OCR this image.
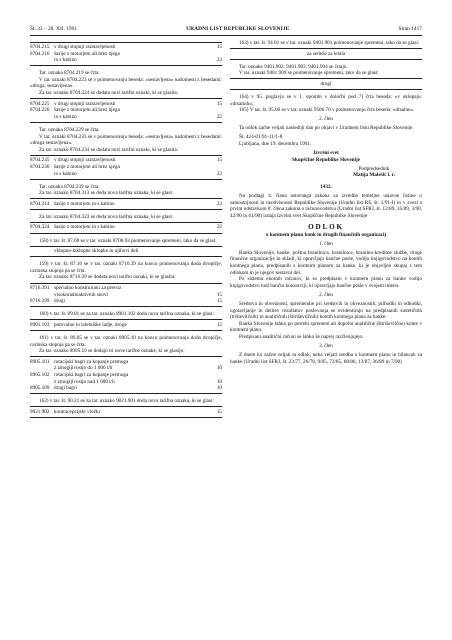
Št. 33 – 28. XII. 1991	URADNI LIST REPUBLIKE SLOVENIJE	Stran 1417
8704.215 v drugi stopnji razstavljenosti	15
8704.216 šasije z motorjem ali brez njega
in s kabino	22

Tar. oznaka 8704.219 se črta.

V tar. oznaki 8704.223 se v poimenovanju beseda: »sestavljena« nadomesti z besedami: »druga, sestavljena«.

Za tar. oznako 8704.224 se dodata novi tarifni oznaki, ki se glasita:

8704.225 v drugi stopnji razstavljenosti	15
8704.226 šasije z motorjem ali brez njega
in s kabino	22

Tar. oznaka 8704.229 se črta.

V tar. oznaki 8704.233 se v poimenovanju beseda: »sestavljena« nadomesti z besedami: »druga sestavljena«.

Za tar. oznako 8704.234 se dodata novi tarifni oznaki, ki se glasita:

8704.235 v drugi stopnji razstavljenosti	15
8704.236 šasije z motorjem ali brez njega
in s kabino	22

Tar. oznaka 8704.239 se črta.

Za tar. oznako 8704.313 se doda nova tarifna oznaka, ki se glasi:

8704.314 šasije z motorjem in s kabino	22

Za tar. oznako 8704.323 se doda nova tarifna oznaka, ki se glasi:

8704.324 šasije z motorjem in s kabino	22

158) v tar. št. 87.08 se v tar. oznaki 8708.93 poimenovanje spremeni, tako da se glasi:

vklopno-izklopne sklopke in njihovi deli

159) v tar. št. 87.16 se v tar. oznaki 8716.39 na koncu poimenovanja doda dvopičje, carinska stopnja pa se črta.

Za tar. oznako 8716.39 se dodata novi tarifni oznaki, ki se glasita:

8716.391 specialno konstruirani za prevoz
visokoradioaktivnih snovi	15
8716.399 drugi	15

160) v tar. št. 89.01 se za tar. oznako 8901.102 doda nova tarifna oznaka, ki se glasi:

8901.103 potovalne in izletniške ladje, droge	12

161) v tar. št. 89.05 se v tar. oznaki 8905.10 na koncu poimenovanja doda dvopičje, carinska stopnja pa se črta.

Za tar. oznako 8905.10 se dodajo tri nove tarifne oznake, ki se glasijo:

8905.101 rotacijski bagri za kopanje premoga
z zmogljivostjo do 1 000 t/h	10
8905.102 rotacijski bagri za kopanje premoga
z zmogljivostjo nad 1 000 t/h	10
8905.109 drugi bagri	10

162) v tar. št. 90.21 se za tar. oznako 9021.901 doda nova tarifna oznaka, ki se glasi:

9021.902 kontracepcijski vložki	15

163) v tar. št. 94.01 se v tar. oznaki 9401.901 poimenovanje spremeni, tako da se glasi:

za sedeže za letala

Tar. oznake 9401.902, 9401.903, 9401.904 se črtajo.

V tar. oznaki 9401.909 se poimenovanje spremeni, tako da se glasi:

drugi

164) v 95. poglavju se v 1. opombi v določbi pod 7) črta beseda: »v oklepaju: »drsalnih«;

165) V tar. št. 95.06 se v tar. oznaki 9506.70 v poimenovanju črta beseda: »drsalne«.

2. člen

Ta odlok začne veljati naslednji dan po objavi v Uradnem listu Republike Slovenije.

Št. 424-01/91-11/1-8

Ljubljana, dne 19. decembra 1991.

Izvršni svet

Skupščine Republike Slovenije

Podpredsednik

Matija Malešič l. r.

1432.

Na podlagi 4. člena ustavnega zakona za izvedbo temeljne ustavne listine o samostojnosti in neodvisnosti Republike Slovenije (Uradni list RS, št. 1/91-I) in v zvezi s prvim odstavkom 8. člena zakona o računovodstvu (Uradni list SFRJ, št. 12/89, 35/89, 3/90, 42/90 in 61/90) izdaja Izvršni svet Skupščine Republike Slovenije

ODLOK

o kontnem planu bank in drugih finančnih organizacij

1. člen

Banka Slovenije, banke, poštna hranilnica, hranilnice, hranilno-kreditne službe, druge finančne organizacije in skladi, ki opravljajo bančne posle, vodijo knjigovodstvo na kontih kontnega plana, predpisanih s kontnim planom za banke, ki je objavljen skupaj s tem odlokom in je njegov sestavni del.

Po sistemu enotnih računov, ki so predpisani v kontnem planu za banke vodijo knjigovodstvo tudi bančni konzorciji, ki opravljajo bančne posle v svojem imenu.

2. člen

Sredstva in obveznosti, spremembe pri sredstvih in obveznostih, prihodki in odhodki, ugotavljanje in delitev rezultatov poslovanja se evidentirajo na predpisanih sintetičnih (trištevilčnih) in analitičnih (štiriševilčnih) kontih kontnega plana za banke.

Banka Slovenije lahko po potrebi spremeni ali dopolni analitične (štiriševilčne) konte v kontnem planu.

Predpisani analitični računi se lahko še naprej razčlenjujejo.

3. člen

Z dnem ko začne veljati ta odlok, neha veljati uredba o kontnem planu in bilancah za banke (Uradni list SFRJ, št. 23/77, 26/78, 9/85, 72/85, 68/86, 13/87, 36/89 in 7/90)
